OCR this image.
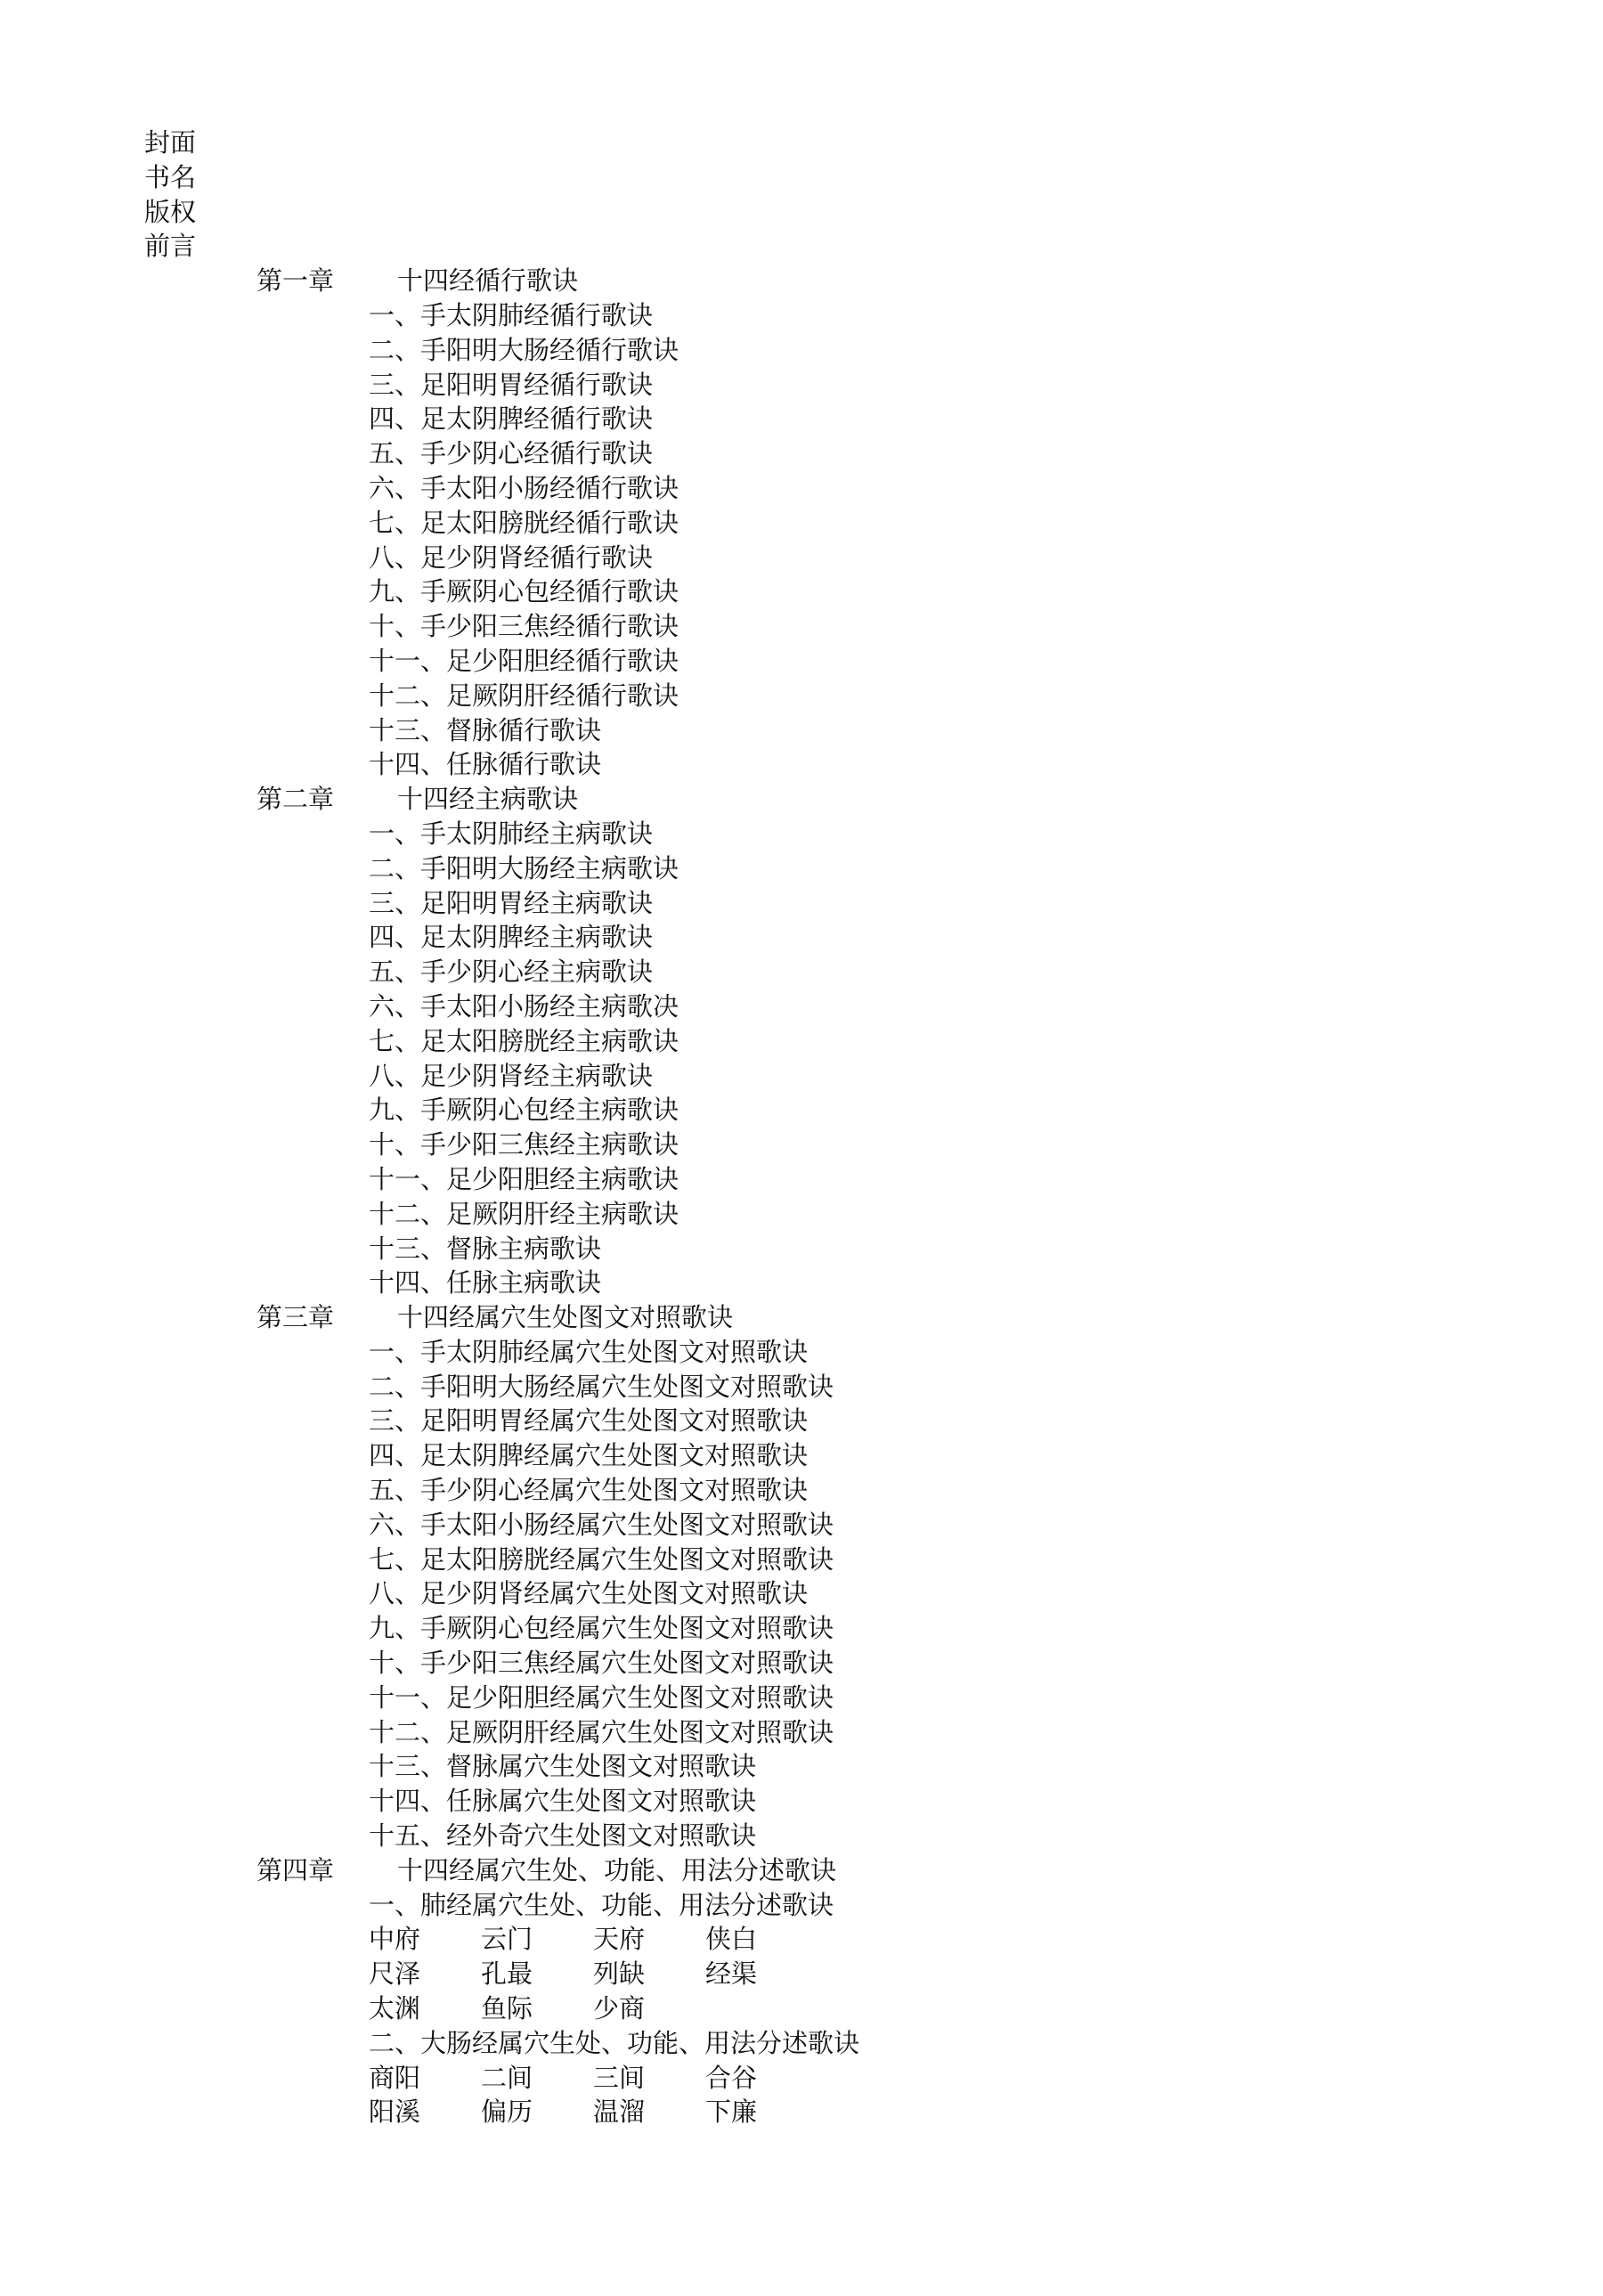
封面
书名
版权
前言
第一章 十四经循行歌诀
一、手太阴肺经循行歌诀
二、手阳明大肠经循行歌诀
三、足阳明胃经循行歌诀
四、足太阴脾经循行歌诀
五、手少阴心经循行歌诀
六、手太阳小肠经循行歌诀
七、足太阳膀胱经循行歌诀
八、足少阴肾经循行歌诀
九、手厥阴心包经循行歌诀
十、手少阳三焦经循行歌诀
十一、足少阳胆经循行歌诀
十二、足厥阴肝经循行歌诀
十三、督脉循行歌诀
十四、任脉循行歌诀
第二章 十四经主病歌诀
一、手太阴肺经主病歌诀
二、手阳明大肠经主病歌诀
三、足阳明胃经主病歌诀
四、足太阴脾经主病歌诀
五、手少阴心经主病歌诀
六、手太阳小肠经主病歌决
七、足太阳膀胱经主病歌诀
八、足少阴肾经主病歌诀
九、手厥阴心包经主病歌诀
十、手少阳三焦经主病歌诀
十一、足少阳胆经主病歌诀
十二、足厥阴肝经主病歌诀
十三、督脉主病歌诀
十四、任脉主病歌诀
第三章 十四经属穴生处图文对照歌诀
一、手太阴肺经属穴生处图文对照歌诀
二、手阳明大肠经属穴生处图文对照歌诀
三、足阳明胃经属穴生处图文对照歌诀
四、足太阴脾经属穴生处图文对照歌诀
五、手少阴心经属穴生处图文对照歌诀
六、手太阳小肠经属穴生处图文对照歌诀
七、足太阳膀胱经属穴生处图文对照歌诀
八、足少阴肾经属穴生处图文对照歌诀
九、手厥阴心包经属穴生处图文对照歌诀
十、手少阳三焦经属穴生处图文对照歌诀
十一、足少阳胆经属穴生处图文对照歌诀
十二、足厥阴肝经属穴生处图文对照歌诀
十三、督脉属穴生处图文对照歌诀
十四、任脉属穴生处图文对照歌诀
十五、经外奇穴生处图文对照歌诀
第四章 十四经属穴生处、功能、用法分述歌诀
一、肺经属穴生处、功能、用法分述歌诀
中府 云门 天府 侠白
尺泽 孔最 列缺 经渠
太渊 鱼际 少商
二、大肠经属穴生处、功能、用法分述歌诀
商阳 二间 三间 合谷
阳溪 偏历 温溜 下廉
